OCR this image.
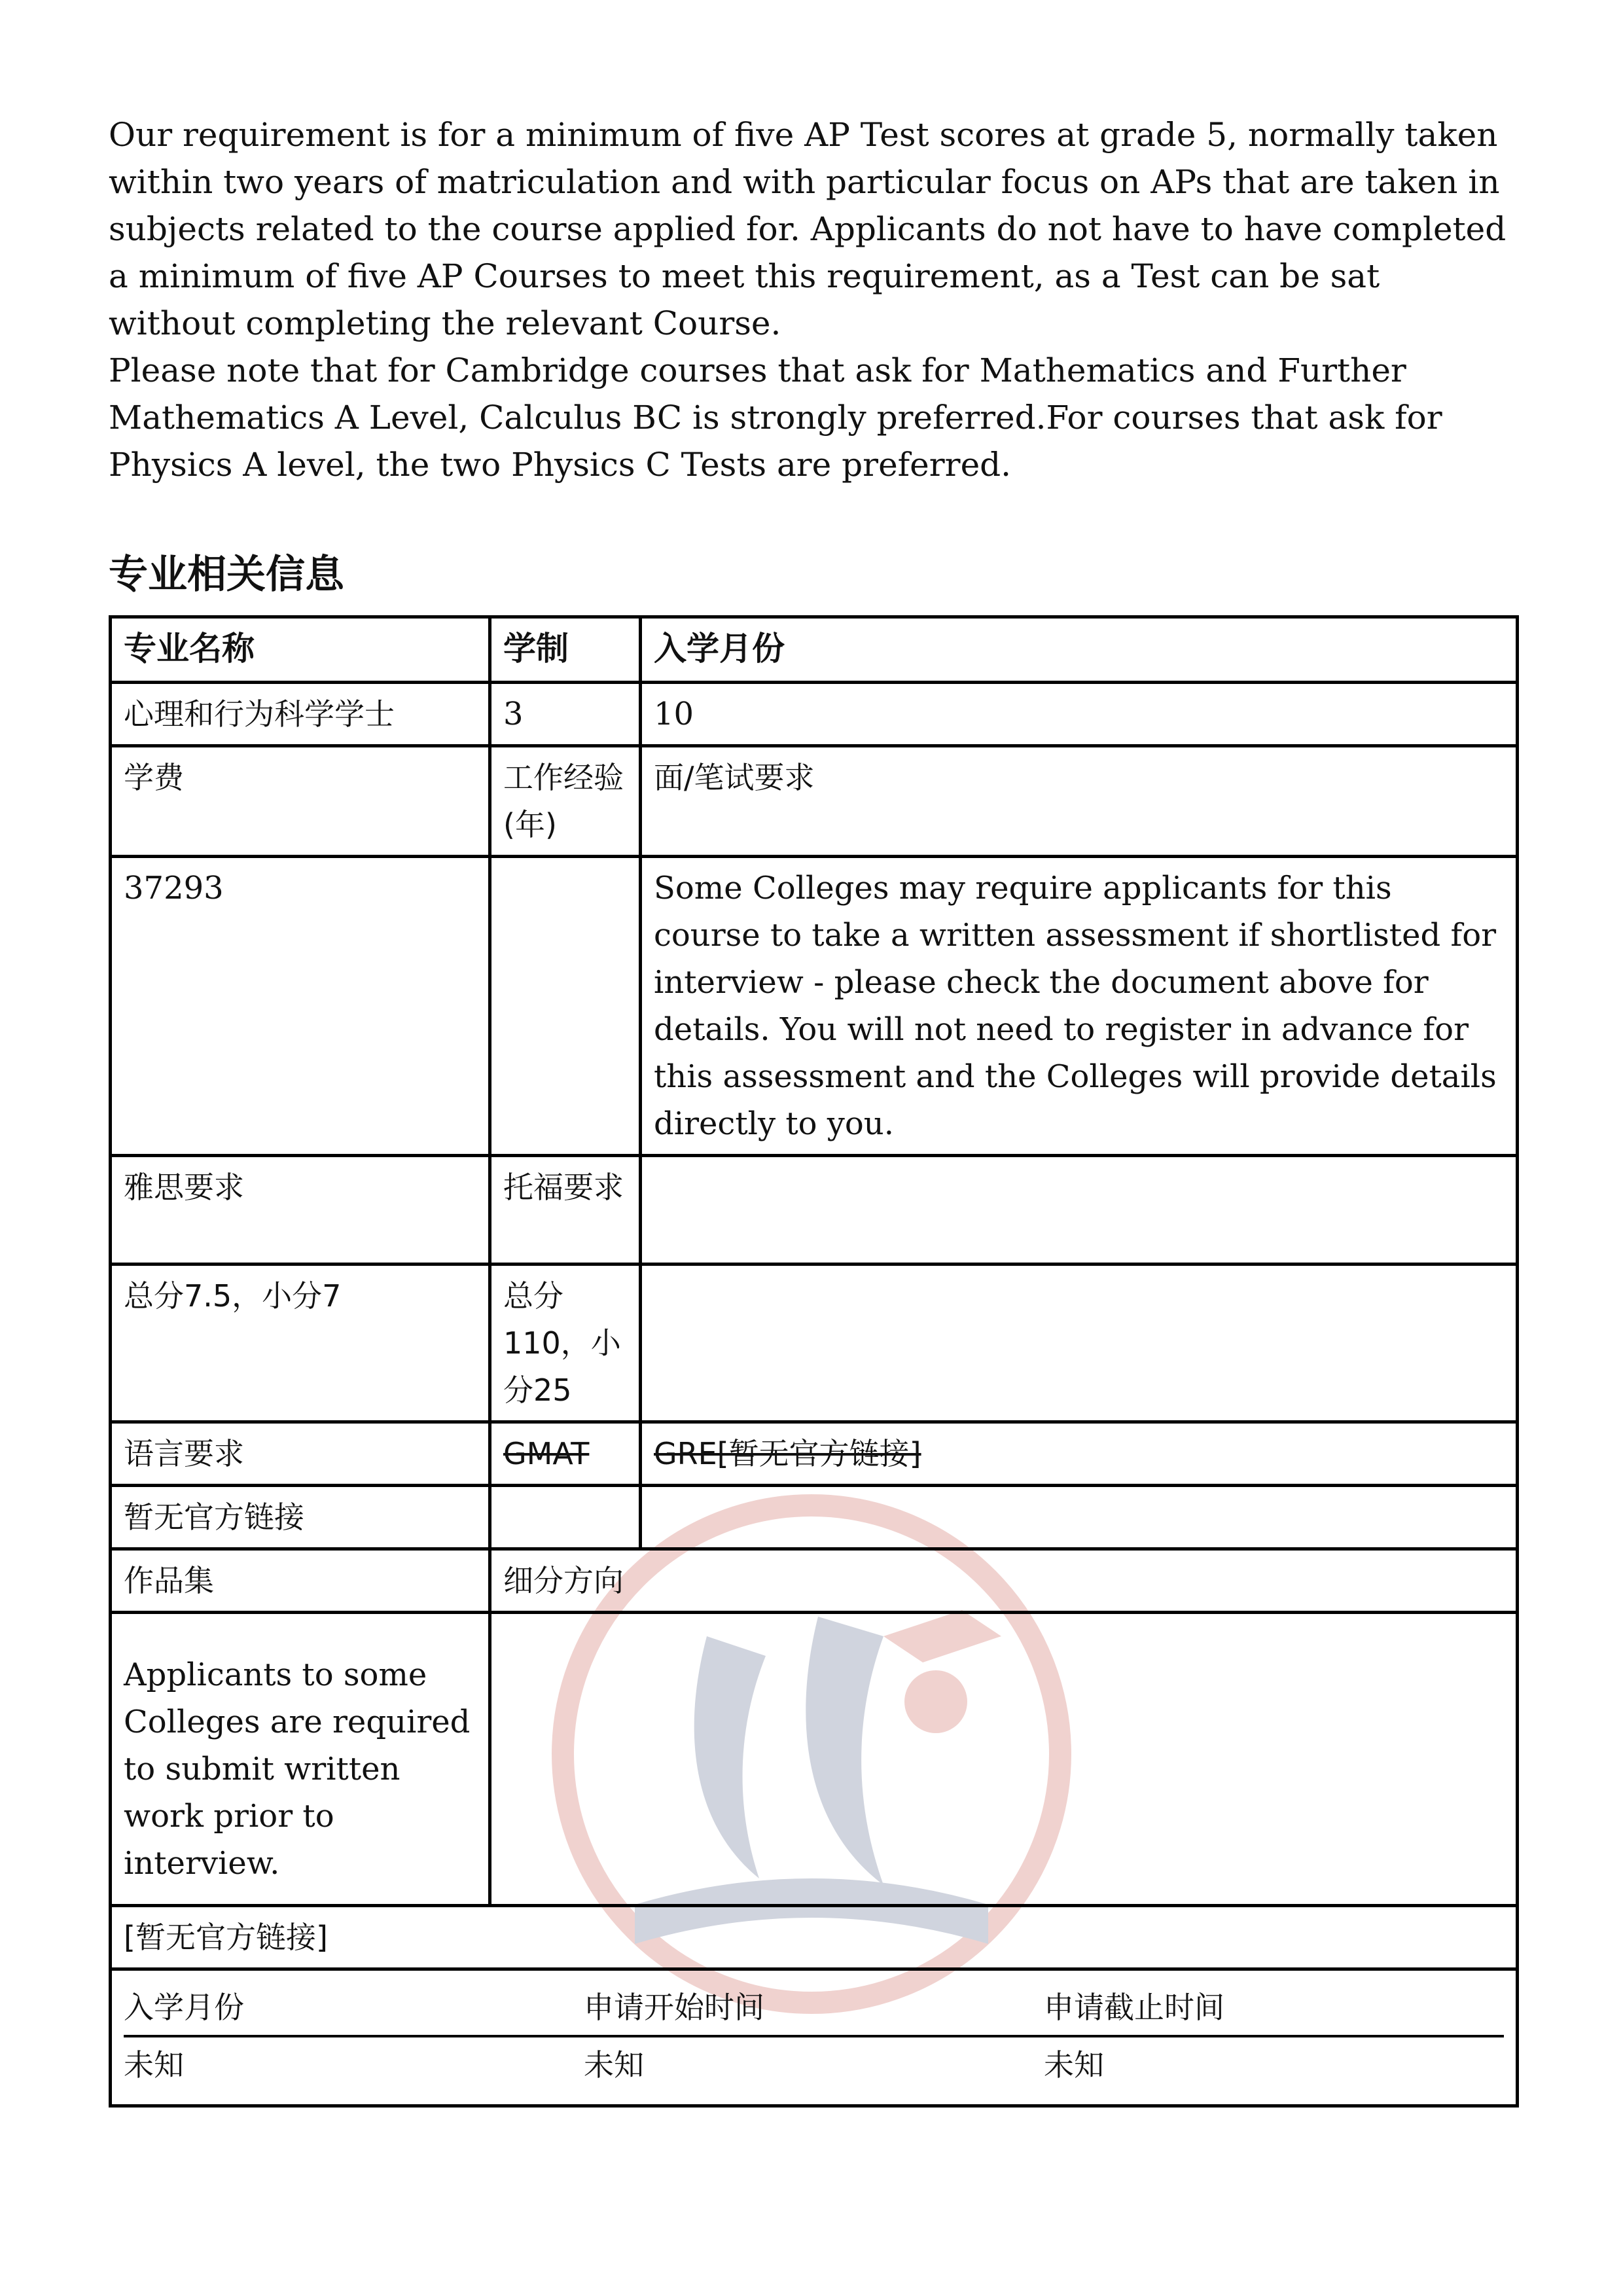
Our requirement is for a minimum of five AP Test scores at grade 5, normally taken within two years of matriculation and with particular focus on APs that are taken in subjects related to the course applied for. Applicants do not have to have completed a minimum of five AP Courses to meet this requirement, as a Test can be sat without completing the relevant Course.

Please note that for Cambridge courses that ask for Mathematics and Further Mathematics A Level, Calculus BC is strongly preferred.For courses that ask for Physics A level, the two Physics C Tests are preferred.

专业相关信息
专业名称	学制	入学月份
心理和行为科学学士	3	10
学费	工作经验(年)	面/笔试要求
37293		Some Colleges may require applicants for this course to take a written assessment if shortlisted for interview - please check the document above for details. You will not need to register in advance for this assessment and the Colleges will provide details directly to you.
雅思要求	托福要求	
总分7.5，小分7	总分110，小分25	
语言要求	GMAT	GRE[暂无官方链接]
暂无官方链接		
作品集	细分方向
Applicants to some Colleges are required to submit written work prior to interview.	
[暂无官方链接]

入学月份	申请开始时间	申请截止时间
未知	未知	未知
